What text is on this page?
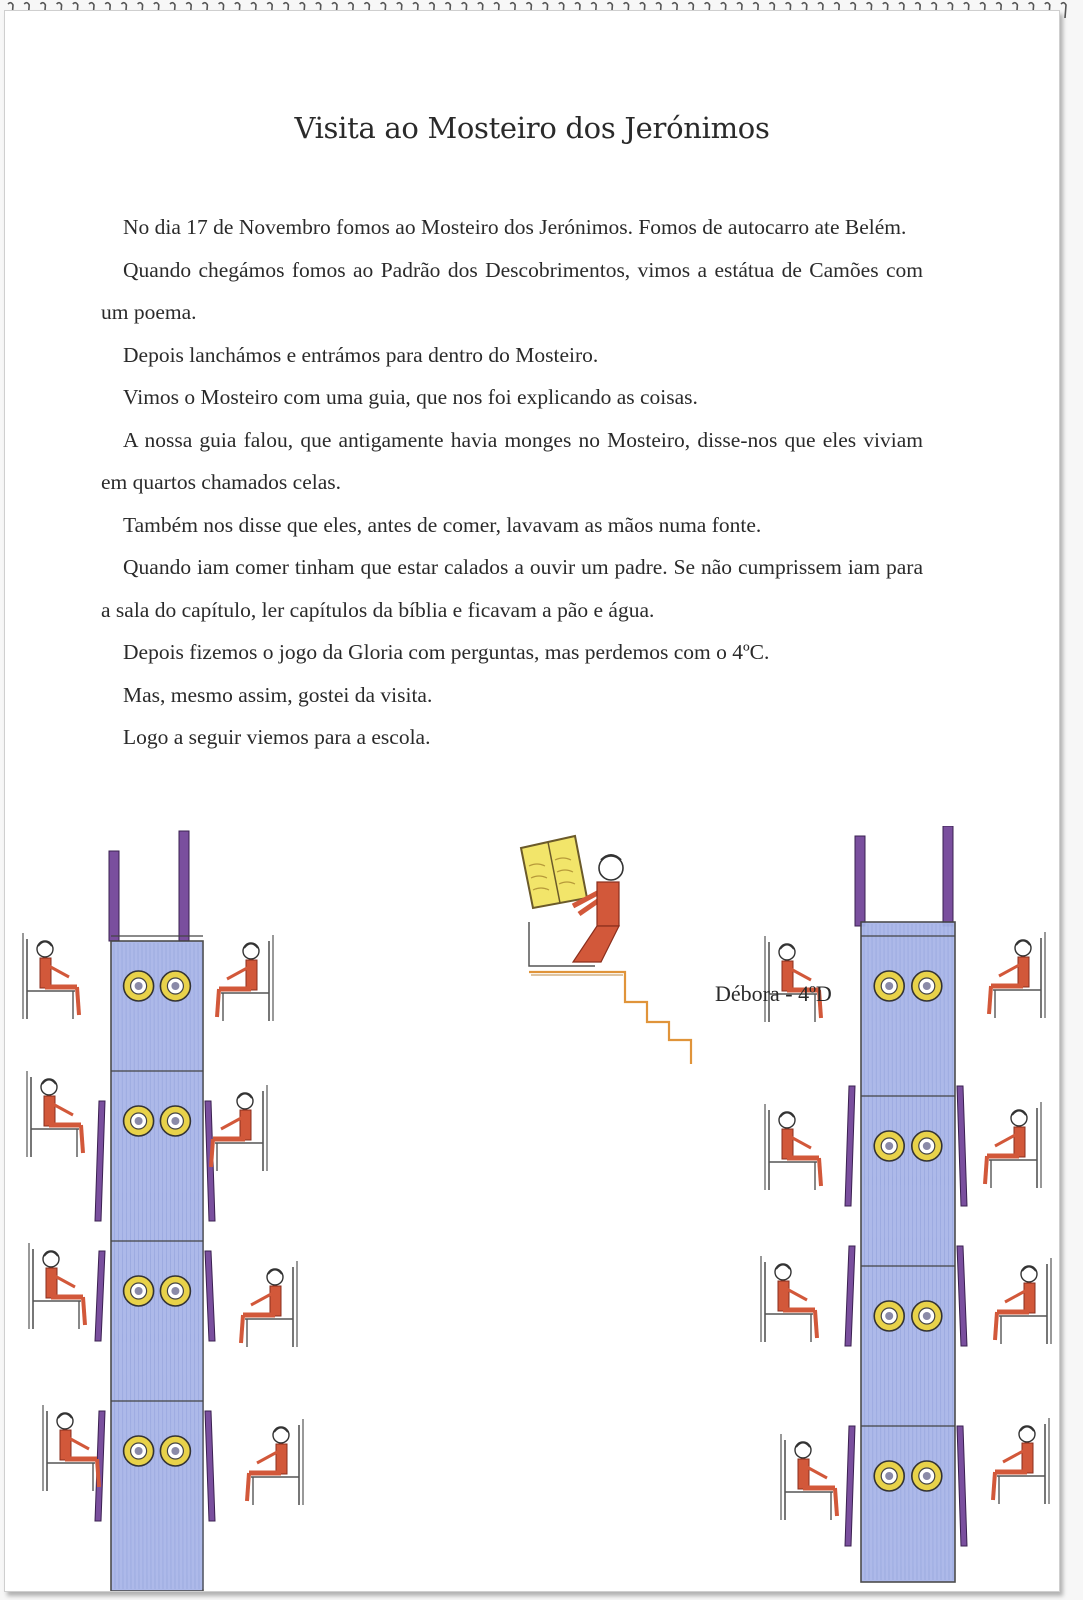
Visita ao Mosteiro dos Jerónimos

No dia 17 de Novembro fomos ao Mosteiro dos Jerónimos. Fomos de autocarro ate Belém.

Quando chegámos fomos ao Padrão dos Descobrimentos, vimos a estátua de Camões com um poema.

Depois lanchámos e entrámos para dentro do Mosteiro.

Vimos o Mosteiro com uma guia, que nos foi explicando as coisas.

A nossa guia falou, que antigamente havia monges no Mosteiro, disse-nos que eles viviam em quartos chamados celas.

Também nos disse que eles, antes de comer, lavavam as mãos numa fonte.

Quando iam comer tinham que estar calados a ouvir um padre. Se não cumprissem iam para a sala do capítulo, ler capítulos da bíblia e ficavam a pão e água.

Depois fizemos o jogo da Gloria com perguntas, mas perdemos com o 4ºC.

Mas, mesmo assim, gostei da visita.

Logo a seguir viemos para a escola.

Débora - 4ºD
